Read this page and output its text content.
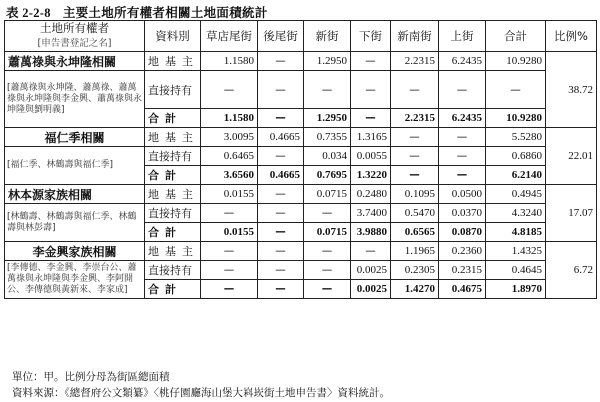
表 2-2-8 主要土地所有權者相關土地面積統計
土地所有權者
[申告書登記之名]	資料別	草店尾街	後尾街	新街	下街	新南街	上街	合計	比例%
蕭萬祿與永坤隆相關	地基主	1.1580	—	1.2950	—	2.2315	6.2435	10.9280	38.72
[蕭萬祿與永坤隆、蕭萬祿、蕭萬祿與永坤隆與李金興、蕭萬祿與永坤隆與劉明義]	直接持有	—	—	—	—	—	—	—	
	合計	1.1580	—	1.2950	—	2.2315	6.2435	10.9280	
福仁季相關	地基主	3.0095	0.4665	0.7355	1.3165	—	—	5.5280	22.01
[福仁季、林鶴壽與福仁季]	直接持有	0.6465	—	0.034	0.0055	—	—	0.6860	
	合計	3.6560	0.4665	0.7695	1.3220	—	—	6.2140	
林本源家族相關	地基主	0.0155	—	0.0715	0.2480	0.1095	0.0500	0.4945	17.07
[林鶴壽、林鶴壽與福仁季、林鶴壽與林彭壽]	直接持有	—	—	—	3.7400	0.5470	0.0370	4.3240	
	合計	0.0155	—	0.0715	3.9880	0.6565	0.0870	4.8185	
李金興家族相關	地基主	—	—	—	—	1.1965	0.2360	1.4325	6.72
[李傳德、李金興、李崇台公、蕭萬祿與永坤隆與李金興、李阿開公、李傳德與黃新來、李家成]	直接持有	—	—	—	0.0025	0.2305	0.2315	0.4645	
	合計	—	—	—	0.0025	1.4270	0.4675	1.8970	
單位：甲。比例分母為街區總面積
資料來源：《總督府公文類纂》〈桃仔園廳海山堡大嵙崁街土地申告書〉資料統計。
